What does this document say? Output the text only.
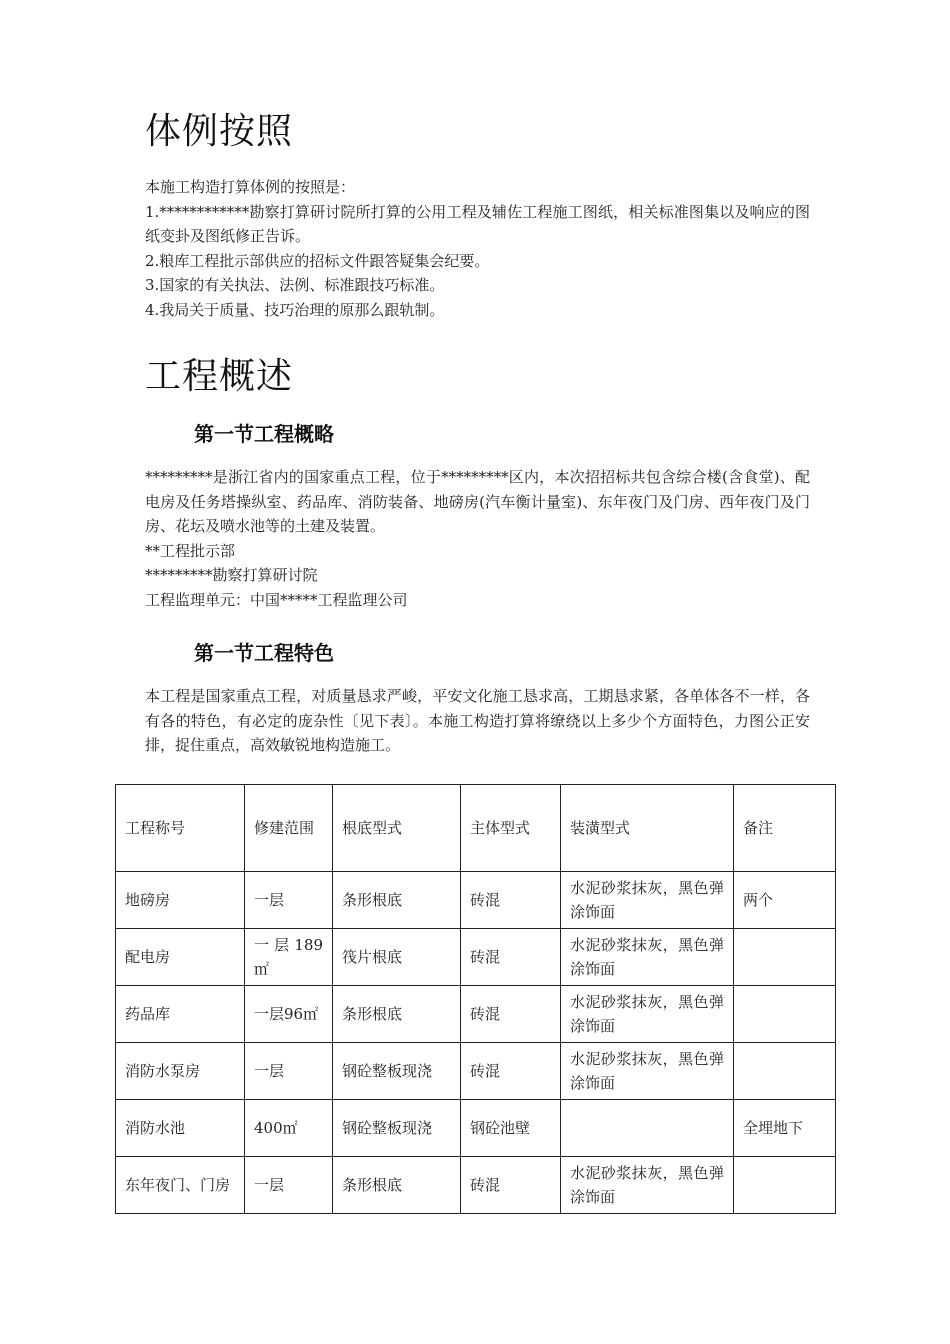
体例按照

本施工构造打算体例的按照是：

1.************勘察打算研讨院所打算的公用工程及辅佐工程施工图纸，相关标准图集以及响应的图纸变卦及图纸修正告诉。

2.粮库工程批示部供应的招标文件跟答疑集会纪要。

3.国家的有关执法、法例、标准跟技巧标准。

4.我局关于质量、技巧治理的原那么跟轨制。

工程概述
第一节工程概略

*********是浙江省内的国家重点工程，位于*********区内，本次招招标共包含综合楼(含食堂)、配电房及任务塔操纵室、药品库、消防装备、地磅房(汽车衡计量室)、东年夜门及门房、西年夜门及门房、花坛及喷水池等的土建及装置。

**工程批示部

*********勘察打算研讨院

工程监理单元：中国*****工程监理公司

第一节工程特色

本工程是国家重点工程，对质量恳求严峻，平安文化施工恳求高，工期恳求紧，各单体各不一样，各有各的特色，有必定的庞杂性〔见下表〕。本施工构造打算将缭绕以上多少个方面特色，力图公正安排，捉住重点，高效敏锐地构造施工。

工程称号	修建范围	根底型式	主体型式	装潢型式	备注
地磅房	一层	条形根底	砖混	水泥砂浆抹灰，黑色弹涂饰面	两个
配电房	一层189㎡	筏片根底	砖混	水泥砂浆抹灰，黑色弹涂饰面	
药品库	一层96㎡	条形根底	砖混	水泥砂浆抹灰，黑色弹涂饰面	
消防水泵房	一层	钢砼整板现浇	砖混	水泥砂浆抹灰，黑色弹涂饰面	
消防水池	400㎡	钢砼整板现浇	钢砼池壁		全埋地下
东年夜门、门房	一层	条形根底	砖混	水泥砂浆抹灰，黑色弹涂饰面	
